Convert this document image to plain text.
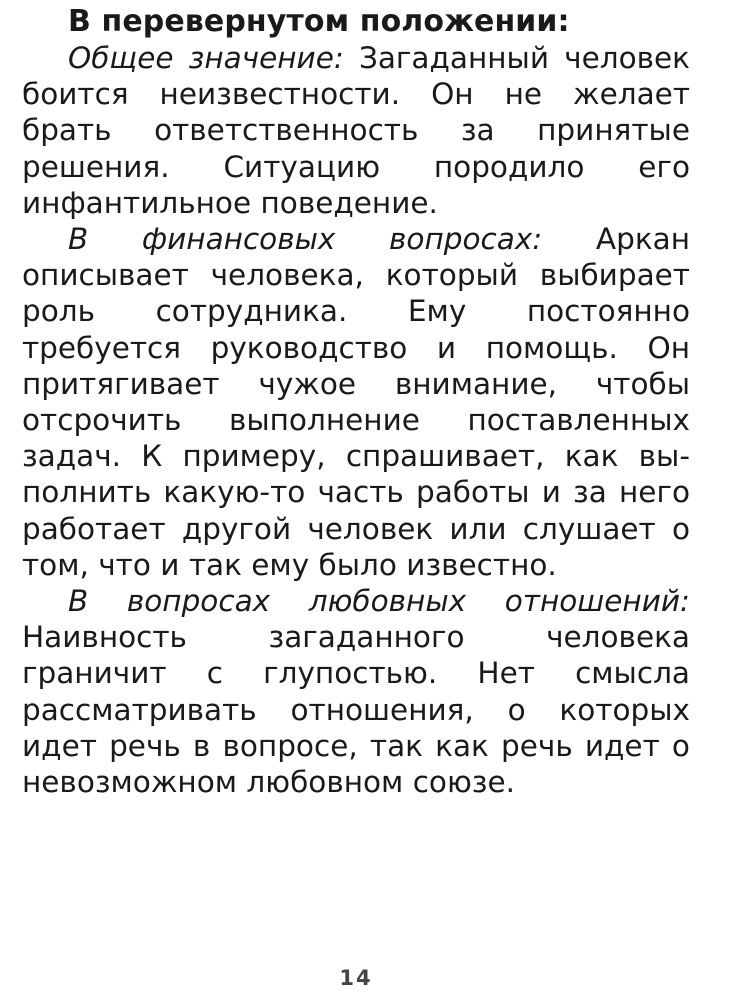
В перевернутом положении:

Общее значение: Загаданный человек боится неизвестности. Он не желает брать ответственность за принятые решения. Ситуацию породило его инфантильное поведение.

В финансовых вопросах: Аркан описывает человека, который выбирает роль сотрудника. Ему постоянно требуется руководство и помощь. Он притягивает чужое внимание, чтобы отсрочить выполнение поставленных задач. К примеру, спрашивает, как выполнить какую-то часть работы и за него работает другой человек или слушает о том, что и так ему было известно.

В вопросах любовных отношений: Наивность загаданного человека граничит с глупостью. Нет смысла рассматривать отношения, о которых идет речь в вопросе, так как речь идет о невозможном любовном союзе.

14
